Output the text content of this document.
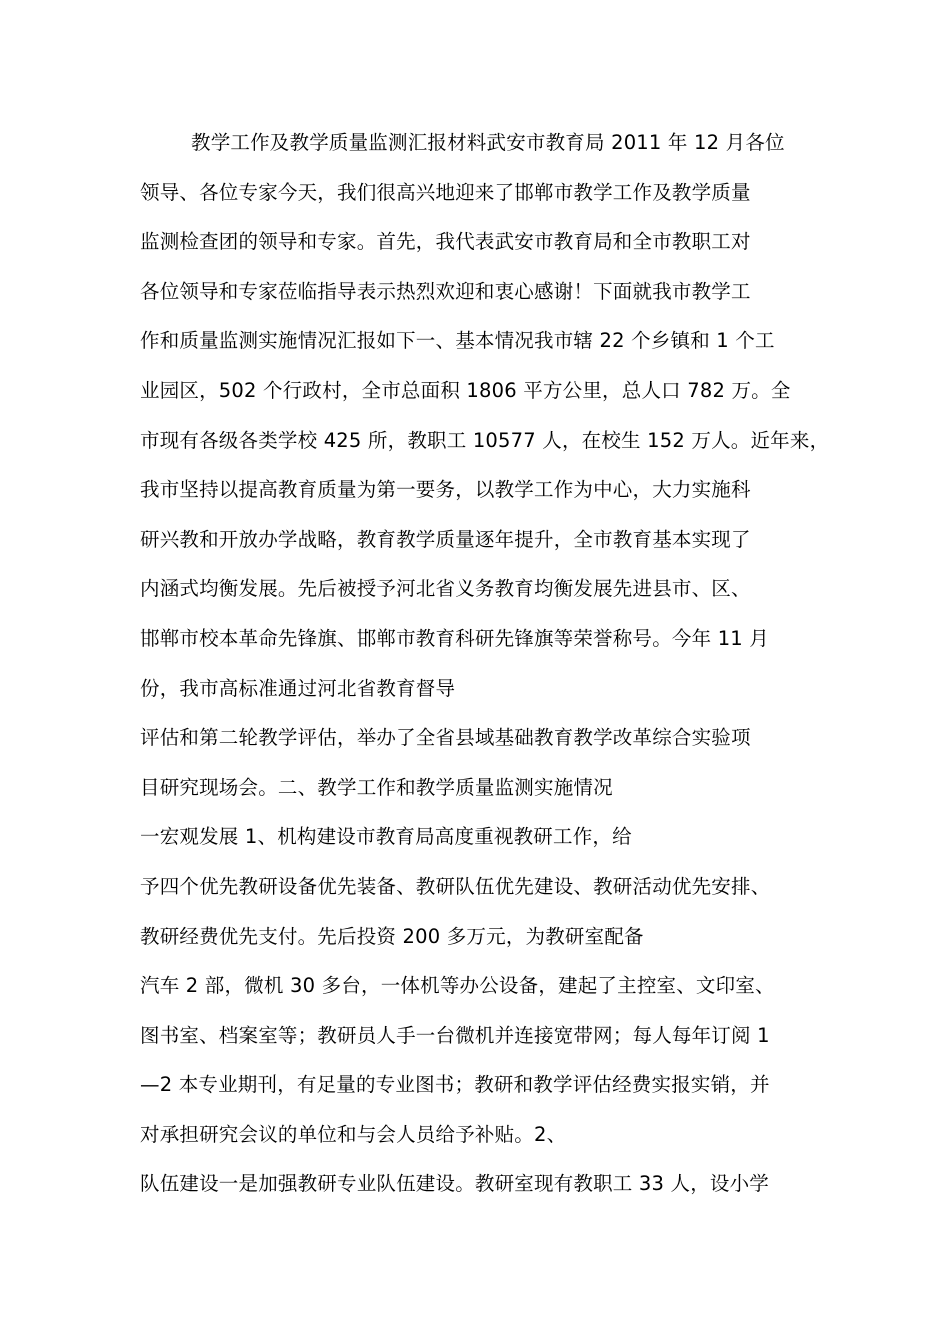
教学工作及教学质量监测汇报材料武安市教育局 2011 年 12 月各位
领导、各位专家今天，我们很高兴地迎来了邯郸市教学工作及教学质量
监测检查团的领导和专家。首先，我代表武安市教育局和全市教职工对
各位领导和专家莅临指导表示热烈欢迎和衷心感谢！下面就我市教学工
作和质量监测实施情况汇报如下一、基本情况我市辖 22 个乡镇和 1 个工
业园区，502 个行政村，全市总面积 1806 平方公里，总人口 782 万。全
市现有各级各类学校 425 所，教职工 10577 人，在校生 152 万人。近年来，
我市坚持以提高教育质量为第一要务，以教学工作为中心，大力实施科
研兴教和开放办学战略，教育教学质量逐年提升，全市教育基本实现了
内涵式均衡发展。先后被授予河北省义务教育均衡发展先进县市、区、
邯郸市校本革命先锋旗、邯郸市教育科研先锋旗等荣誉称号。今年 11 月
份，我市高标准通过河北省教育督导
评估和第二轮教学评估，举办了全省县域基础教育教学改革综合实验项
目研究现场会。二、教学工作和教学质量监测实施情况
一宏观发展 1、机构建设市教育局高度重视教研工作，给
予四个优先教研设备优先装备、教研队伍优先建设、教研活动优先安排、
教研经费优先支付。先后投资 200 多万元，为教研室配备
汽车 2 部，微机 30 多台，一体机等办公设备，建起了主控室、文印室、
图书室、档案室等；教研员人手一台微机并连接宽带网；每人每年订阅 1
—2 本专业期刊，有足量的专业图书；教研和教学评估经费实报实销，并
对承担研究会议的单位和与会人员给予补贴。2、
队伍建设一是加强教研专业队伍建设。教研室现有教职工 33 人，设小学
